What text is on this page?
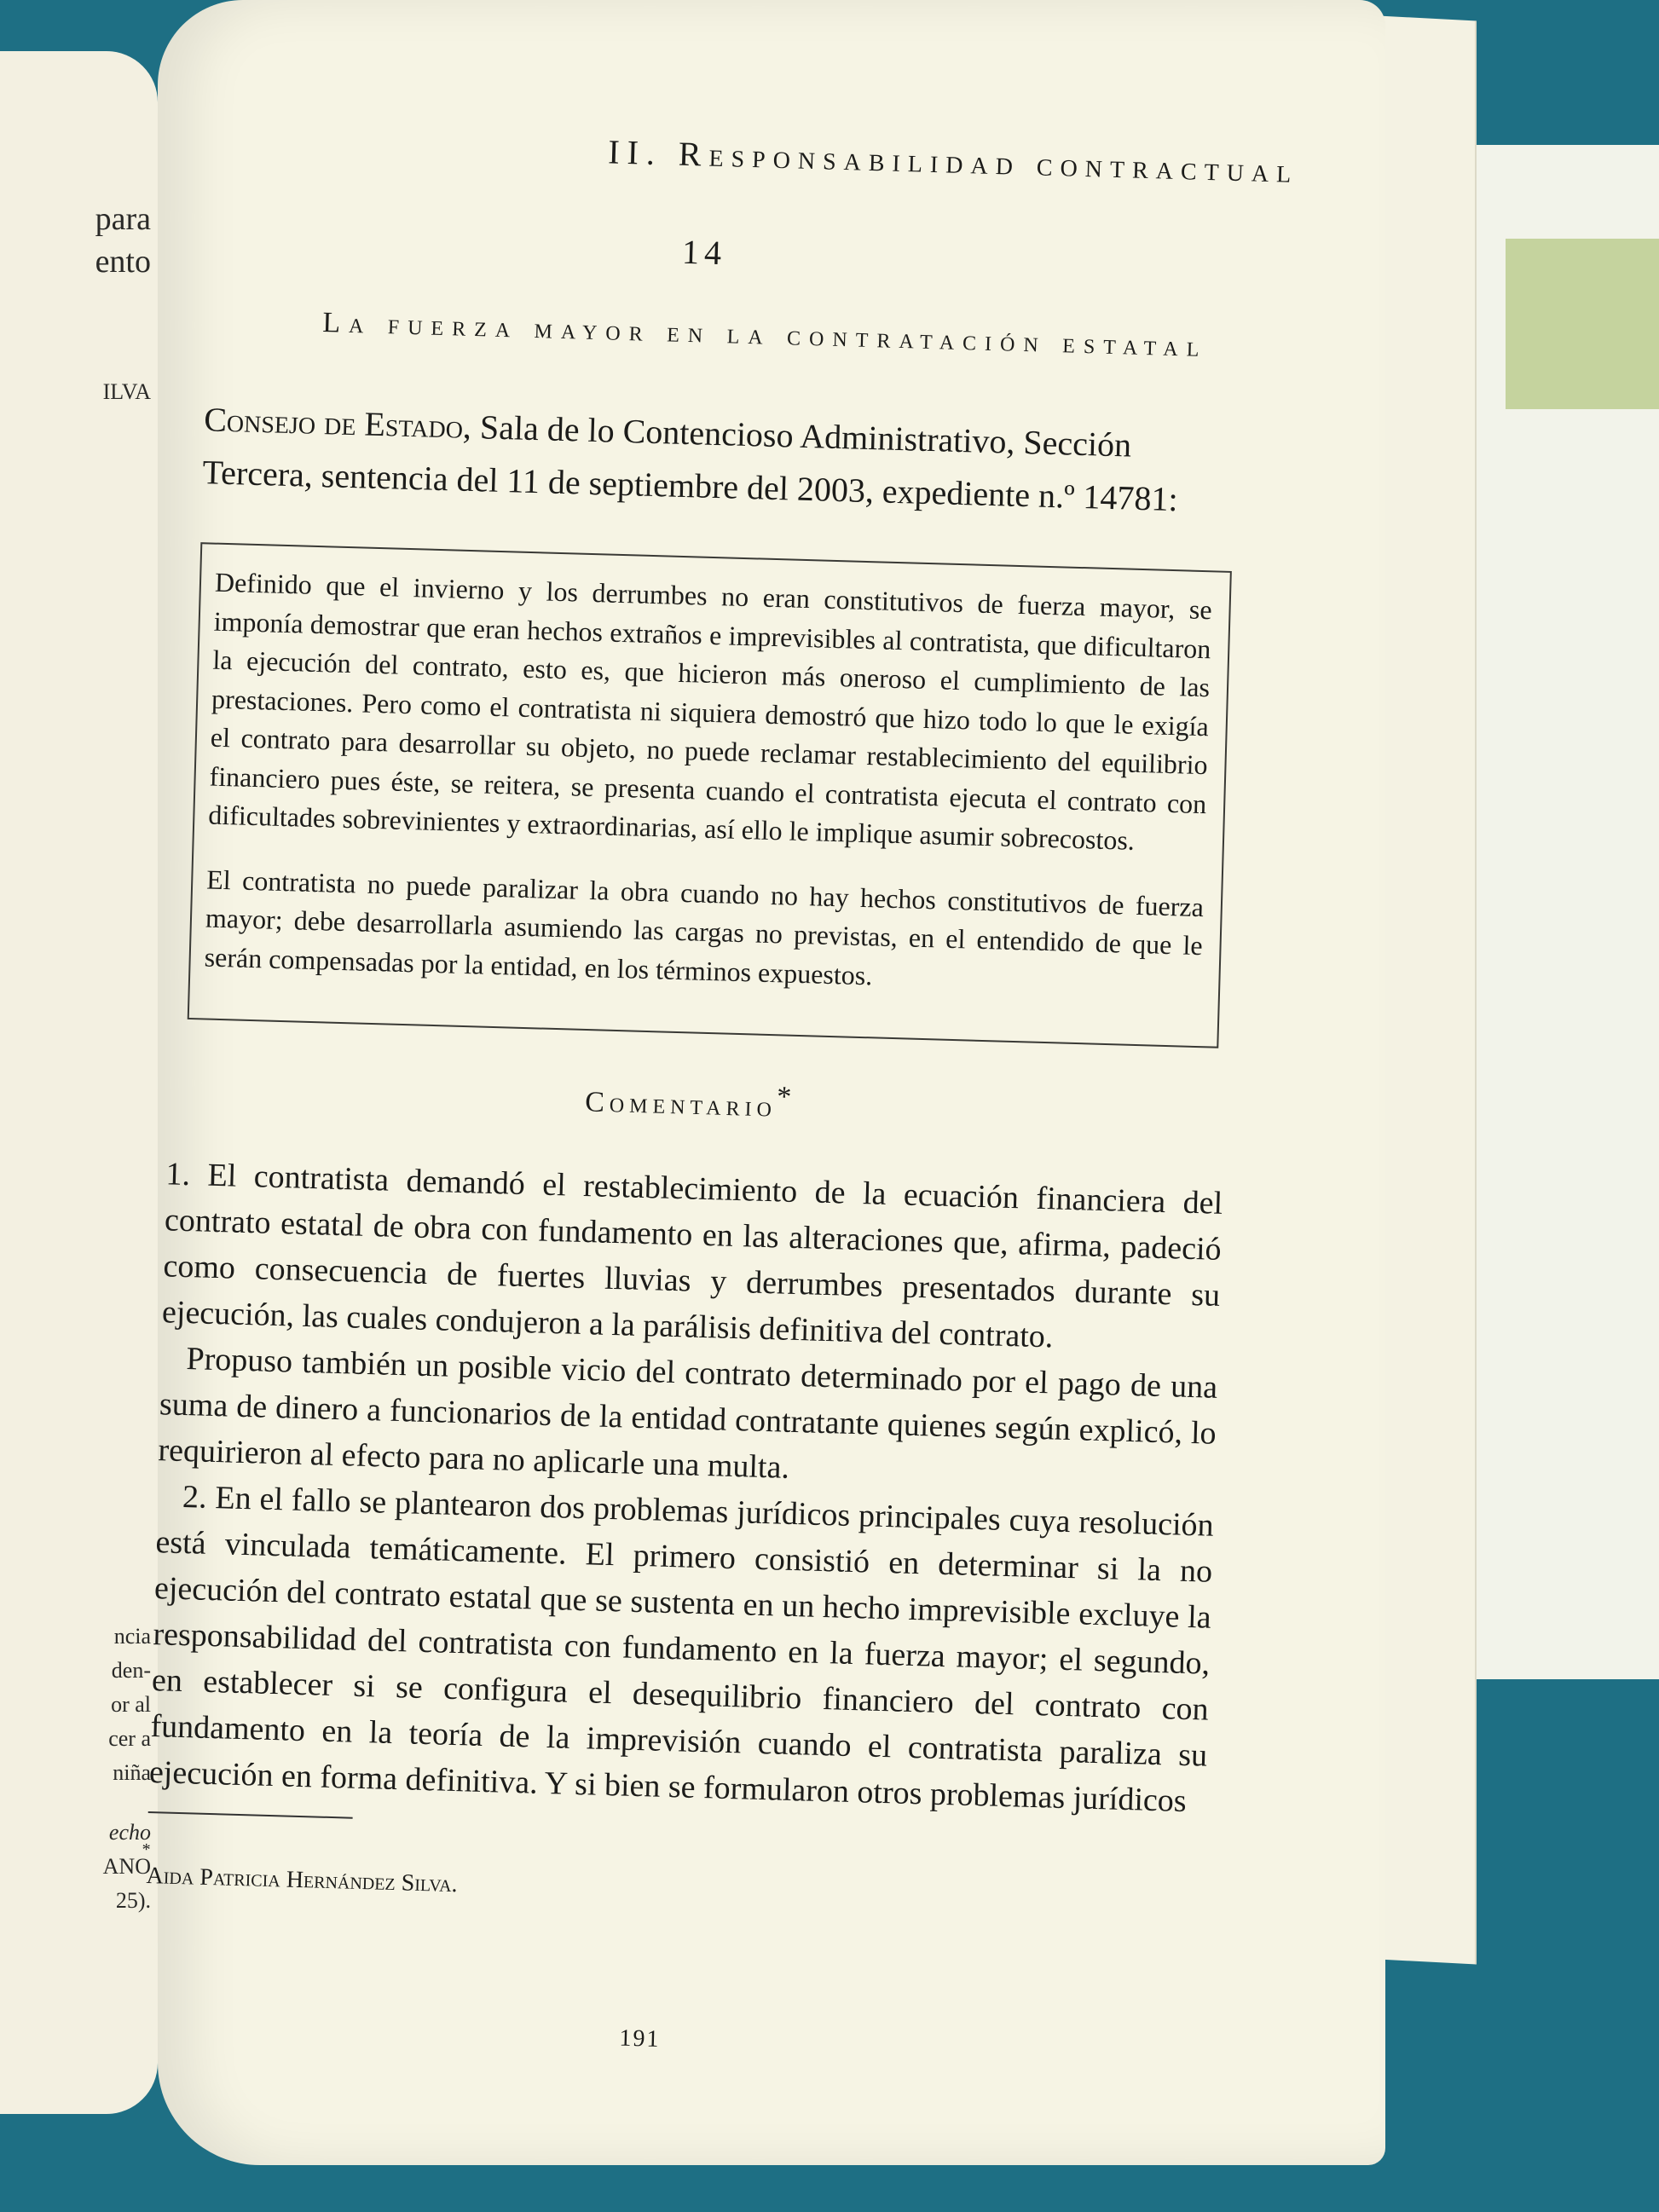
para
ento
ILVA
ncia
den-
or al
cer a
niña
echo
ANO
25).
II. Responsabilidad contractual
14
La fuerza mayor en la contratación estatal
Consejo de Estado, Sala de lo Contencioso Administrativo, Sección Tercera, sentencia del 11 de septiembre del 2003, expediente n.º 14781:

Definido que el invierno y los derrumbes no eran constitutivos de fuerza mayor, se imponía demostrar que eran hechos extraños e imprevisibles al contratista, que dificultaron la ejecución del contrato, esto es, que hicieron más oneroso el cumplimiento de las prestaciones. Pero como el contratista ni siquiera demostró que hizo todo lo que le exigía el contrato para desarrollar su objeto, no puede reclamar restablecimiento del equilibrio financiero pues éste, se reitera, se presenta cuando el contratista ejecuta el contrato con dificultades sobrevinientes y extraordinarias, así ello le implique asumir sobrecostos.

El contratista no puede paralizar la obra cuando no hay hechos constitutivos de fuerza mayor; debe desarrollarla asumiendo las cargas no previstas, en el entendido de que le serán compensadas por la entidad, en los términos expuestos.

Comentario*

1. El contratista demandó el restablecimiento de la ecuación financiera del contrato estatal de obra con fundamento en las alteraciones que, afirma, padeció como consecuencia de fuertes lluvias y derrumbes presentados durante su ejecución, las cuales condujeron a la parálisis definitiva del contrato.

Propuso también un posible vicio del contrato determinado por el pago de una suma de dinero a funcionarios de la entidad contratante quienes según explicó, lo requirieron al efecto para no aplicarle una multa.

2. En el fallo se plantearon dos problemas jurídicos principales cuya resolución está vinculada temáticamente. El primero consistió en determinar si la no ejecución del contrato estatal que se sustenta en un hecho imprevisible excluye la responsabilidad del contratista con fundamento en la fuerza mayor; el segundo, en establecer si se configura el desequilibrio financiero del contrato con fundamento en la teoría de la imprevisión cuando el contratista paraliza su ejecución en forma definitiva. Y si bien se formularon otros problemas jurídicos

*
Aida Patricia Hernández Silva.
191
